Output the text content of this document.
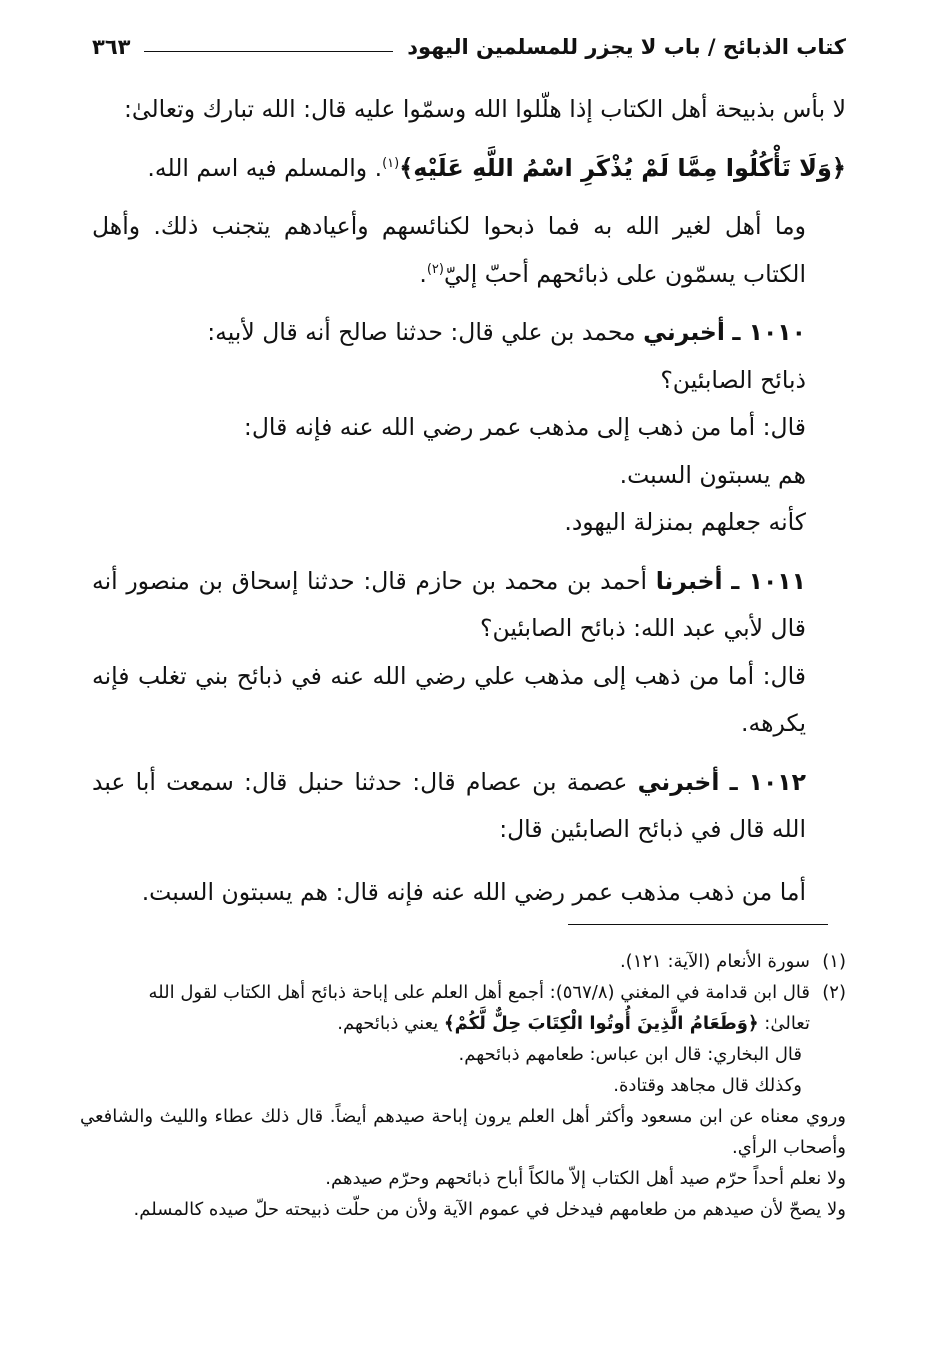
كتاب الذبائح / باب لا يجزر للمسلمين اليهود
٣٦٣

لا بأس بذبيحة أهل الكتاب إذا هلّلوا الله وسمّوا عليه قال: الله تبارك وتعالىٰ:

﴿وَلَا تَأْكُلُوا مِمَّا لَمْ يُذْكَرِ اسْمُ اللَّهِ عَلَيْهِ﴾$^{(١)}$. والمسلم فيه اسم الله.

وما أهل لغير الله به فما ذبحوا لكنائسهم وأعيادهم يتجنب ذلك. وأهل الكتاب يسمّون على ذبائحهم أحبّ إليّ$^{(٢)}$.

١٠١٠ ـ أخبرني محمد بن علي قال: حدثنا صالح أنه قال لأبيه:

ذبائح الصابئين؟

قال: أما من ذهب إلى مذهب عمر رضي الله عنه فإنه قال:

هم يسبتون السبت.

كأنه جعلهم بمنزلة اليهود.

١٠١١ ـ أخبرنا أحمد بن محمد بن حازم قال: حدثنا إسحاق بن منصور أنه قال لأبي عبد الله: ذبائح الصابئين؟

قال: أما من ذهب إلى مذهب علي رضي الله عنه في ذبائح بني تغلب فإنه يكرهه.

١٠١٢ ـ أخبرني عصمة بن عصام قال: حدثنا حنبل قال: سمعت أبا عبد الله قال في ذبائح الصابئين قال:

أما من ذهب مذهب عمر رضي الله عنه فإنه قال: هم يسبتون السبت.

(١)سورة الأنعام (الآية: ١٢١).

(٢)قال ابن قدامة في المغني (٥٦٧/٨): أجمع أهل العلم على إباحة ذبائح أهل الكتاب لقول الله

تعالىٰ: ﴿وَطَعَامُ الَّذِينَ أُوتُوا الْكِتَابَ حِلٌّ لَّكُمْ﴾ يعني ذبائحهم.

قال البخاري: قال ابن عباس: طعامهم ذبائحهم.

وكذلك قال مجاهد وقتادة.

وروي معناه عن ابن مسعود وأكثر أهل العلم يرون إباحة صيدهم أيضاً. قال ذلك عطاء والليث والشافعي وأصحاب الرأي.

ولا نعلم أحداً حرّم صيد أهل الكتاب إلاّ مالكاً أباح ذبائحهم وحرّم صيدهم.

ولا يصحّ لأن صيدهم من طعامهم فيدخل في عموم الآية ولأن من حلّت ذبيحته حلّ صيده كالمسلم.
